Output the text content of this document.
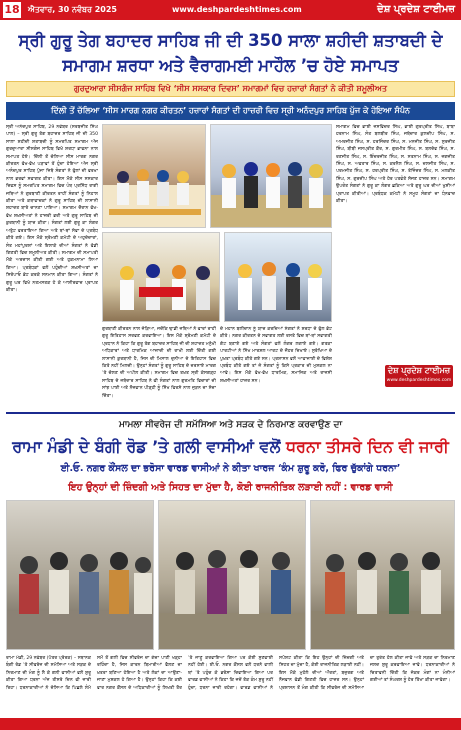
18 ਐਤਵਾਰ, 30 ਨਵੰਬਰ 2025	www.deshpardeshtimes.com	ਦੇਸ਼ ਪ੍ਰਦੇਸ਼ ਟਾਈਮਜ਼
ਸ੍ਰੀ ਗੁਰੂ ਤੇਗ ਬਹਾਦਰ ਸਾਹਿਬ ਜੀ ਦੀ 350 ਸਾਲਾ ਸ਼ਹੀਦੀ ਸ਼ਤਾਬਦੀ ਦੇ ਸਮਾਗਮ ਸ਼ਰਧਾ ਅਤੇ ਵੈਰਾਗਮਈ ਮਾਹੌਲ ’ਚ ਹੋਏ ਸਮਾਪਤ
ਗੁਰਦੁਆਰਾ ਸੀਸਗੰਜ ਸਾਹਿਬ ਵਿਖੇ ‘ਸੀਸ ਸਸਕਾਰ ਦਿਵਸ’ ਸਮਾਗਮਾਂ ਵਿਚ ਹਜ਼ਾਰਾਂ ਸੰਗਤਾਂ ਨੇ ਕੀਤੀ ਸ਼ਮੂਲੀਅਤ
ਦਿੱਲੀ ਤੋਂ ਚੱਲਿਆ ‘ਸੀਸ ਮਾਰਗ ਨਗਰ ਕੀਰਤਨ’ ਹਜ਼ਾਰਾਂ ਸੰਗਤਾਂ ਦੀ ਹਾਜ਼ਰੀ ਵਿਚ ਸ੍ਰੀ ਅਨੰਦਪੁਰ ਸਾਹਿਬ ਪੁੱਜ ਕੇ ਹੋਇਆ ਸੰਪੰਨ
ਸ੍ਰੀ ਅਨੰਦਪੁਰ ਸਾਹਿਬ, 29 ਨਵੰਬਰ (ਸਰਬਜੀਤ ਸਿੰਘ ਪਾਲ) – ਸ੍ਰੀ ਗੁਰੂ ਤੇਗ ਬਹਾਦਰ ਸਾਹਿਬ ਜੀ ਦੀ 350 ਸਾਲਾ ਸ਼ਹੀਦੀ ਸ਼ਤਾਬਦੀ ਨੂੰ ਸਮਰਪਿਤ ਸਮਾਗਮ ਅੱਜ ਗੁਰਦੁਆਰਾ ਸੀਸਗੰਜ ਸਾਹਿਬ ਵਿਖੇ ਸ਼ਰਧਾ ਭਾਵਨਾ ਨਾਲ ਸਮਾਪਤ ਹੋਏ। ਦਿੱਲੀ ਤੋਂ ਚੱਲਿਆ ਸੀਸ ਮਾਰਗ ਨਗਰ ਕੀਰਤਨ ਵੱਖ-ਵੱਖ ਪੜਾਵਾਂ ਤੋਂ ਹੁੰਦਾ ਹੋਇਆ ਅੱਜ ਸ੍ਰੀ ਅਨੰਦਪੁਰ ਸਾਹਿਬ ਪੁੱਜਾ ਜਿਥੇ ਸੰਗਤਾਂ ਨੇ ਫੁੱਲਾਂ ਦੀ ਵਰਖਾ ਨਾਲ ਭਰਵਾਂ ਸਵਾਗਤ ਕੀਤਾ। ਇਸ ਮੌਕੇ ਸੀਸ ਸਸਕਾਰ ਦਿਵਸ ਨੂੰ ਸਮਰਪਿਤ ਸਮਾਗਮ ਵਿਚ ਪੰਥ ਪ੍ਰਸਿੱਧ ਰਾਗੀ ਜਥਿਆਂ ਨੇ ਗੁਰਬਾਣੀ ਕੀਰਤਨ ਰਾਹੀਂ ਸੰਗਤਾਂ ਨੂੰ ਨਿਹਾਲ ਕੀਤਾ ਅਤੇ ਕਥਾਵਾਚਕਾਂ ਨੇ ਗੁਰੂ ਸਾਹਿਬ ਦੀ ਲਾਸਾਨੀ ਸ਼ਹਾਦਤ ਬਾਰੇ ਚਾਨਣਾ ਪਾਇਆ। ਸਮਾਗਮ ਦੌਰਾਨ ਵੱਖ-ਵੱਖ ਸ਼ਖ਼ਸੀਅਤਾਂ ਨੇ ਹਾਜ਼ਰੀ ਭਰੀ ਅਤੇ ਗੁਰੂ ਸਾਹਿਬ ਦੀ ਕੁਰਬਾਨੀ ਨੂੰ ਯਾਦ ਕੀਤਾ। ਸੰਗਤਾਂ ਲਈ ਗੁਰੂ ਕਾ ਲੰਗਰ ਅਤੁੱਟ ਵਰਤਾਇਆ ਗਿਆ ਅਤੇ ਥਾਂ-ਥਾਂ ਸੇਵਾ ਦੇ ਪ੍ਰਬੰਧ ਕੀਤੇ ਗਏ। ਇਸ ਮੌਕੇ ਸ਼੍ਰੋਮਣੀ ਕਮੇਟੀ ਦੇ ਅਹੁਦੇਦਾਰਾਂ, ਸੰਤ ਮਹਾਂਪੁਰਸ਼ਾਂ ਅਤੇ ਇਲਾਕੇ ਦੀਆਂ ਸੰਗਤਾਂ ਨੇ ਵੱਡੀ ਗਿਣਤੀ ਵਿਚ ਸ਼ਮੂਲੀਅਤ ਕੀਤੀ। ਸਮਾਗਮ ਦੀ ਸਮਾਪਤੀ ਮੌਕੇ ਅਰਦਾਸ ਕੀਤੀ ਗਈ ਅਤੇ ਹੁਕਮਨਾਮਾ ਲਿਆ ਗਿਆ। ਪ੍ਰਬੰਧਕਾਂ ਵਲੋਂ ਪਹੁੰਚੀਆਂ ਸ਼ਖ਼ਸੀਅਤਾਂ ਦਾ ਸਿਰੋਪਾਓ ਭੇਟ ਕਰਕੇ ਸਨਮਾਨ ਕੀਤਾ ਗਿਆ। ਸੰਗਤਾਂ ਨੇ ਗੁਰੂ ਘਰ ਵਿਖੇ ਨਤਮਸਤਕ ਹੋ ਕੇ ਆਸ਼ੀਰਵਾਦ ਪ੍ਰਾਪਤ ਕੀਤਾ।
ਸਮਾਗਮ ਵਿਚ ਭਾਈ ਜਸਵਿੰਦਰ ਸਿੰਘ, ਭਾਈ ਗੁਰਪ੍ਰੀਤ ਸਿੰਘ, ਬਾਬਾ ਹਰਨਾਮ ਸਿੰਘ, ਸੰਤ ਬਲਬੀਰ ਸਿੰਘ, ਜਥੇਦਾਰ ਕੁਲਦੀਪ ਸਿੰਘ, ਸ. ਅਮਰਜੀਤ ਸਿੰਘ, ਸ. ਹਰਜਿੰਦਰ ਸਿੰਘ, ਸ. ਮਨਜੀਤ ਸਿੰਘ, ਸ. ਸੁਰਜੀਤ ਸਿੰਘ, ਬੀਬੀ ਜਸਪ੍ਰੀਤ ਕੌਰ, ਸ. ਗੁਰਮੀਤ ਸਿੰਘ, ਸ. ਬਲਦੇਵ ਸਿੰਘ, ਸ. ਰਣਜੀਤ ਸਿੰਘ, ਸ. ਇੰਦਰਜੀਤ ਸਿੰਘ, ਸ. ਸਤਨਾਮ ਸਿੰਘ, ਸ. ਜਗਜੀਤ ਸਿੰਘ, ਸ. ਅਵਤਾਰ ਸਿੰਘ, ਸ. ਕਰਨੈਲ ਸਿੰਘ, ਸ. ਦਲਜੀਤ ਸਿੰਘ, ਸ. ਪਰਮਜੀਤ ਸਿੰਘ, ਸ. ਹਰਪ੍ਰੀਤ ਸਿੰਘ, ਸ. ਤੇਜਿੰਦਰ ਸਿੰਘ, ਸ. ਮਲਕੀਤ ਸਿੰਘ, ਸ. ਗੁਰਦੀਪ ਸਿੰਘ ਅਤੇ ਹੋਰ ਪਤਵੰਤੇ ਸੱਜਣ ਹਾਜ਼ਰ ਸਨ। ਸਮਾਗਮ ਉਪਰੰਤ ਸੰਗਤਾਂ ਨੇ ਗੁਰੂ ਕਾ ਲੰਗਰ ਛਕਿਆ ਅਤੇ ਗੁਰੂ ਘਰ ਦੀਆਂ ਖੁਸ਼ੀਆਂ ਪ੍ਰਾਪਤ ਕੀਤੀਆਂ। ਪ੍ਰਬੰਧਕ ਕਮੇਟੀ ਨੇ ਸਮੂਹ ਸੰਗਤਾਂ ਦਾ ਧੰਨਵਾਦ ਕੀਤਾ।
ਗੁਰਬਾਣੀ ਕੀਰਤਨ ਨਾਲ ਜੋੜਿਆ, ਜਦੋਂਕਿ ਢਾਡੀ ਜਥਿਆਂ ਨੇ ਵਾਰਾਂ ਰਾਹੀਂ ਗੁਰੂ ਇਤਿਹਾਸ ਸਰਵਣ ਕਰਵਾਇਆ। ਇਸ ਮੌਕੇ ਸ਼੍ਰੋਮਣੀ ਕਮੇਟੀ ਦੇ ਪ੍ਰਧਾਨ ਨੇ ਕਿਹਾ ਕਿ ਗੁਰੂ ਤੇਗ ਬਹਾਦਰ ਸਾਹਿਬ ਜੀ ਦੀ ਸ਼ਹਾਦਤ ਮਨੁੱਖੀ ਅਧਿਕਾਰਾਂ ਅਤੇ ਧਾਰਮਿਕ ਆਜ਼ਾਦੀ ਦੀ ਰਾਖੀ ਲਈ ਦਿੱਤੀ ਗਈ ਲਾਸਾਨੀ ਕੁਰਬਾਨੀ ਹੈ, ਜਿਸ ਦੀ ਮਿਸਾਲ ਦੁਨੀਆ ਦੇ ਇਤਿਹਾਸ ਵਿਚ ਕਿਤੇ ਨਹੀਂ ਮਿਲਦੀ। ਉਨ੍ਹਾਂ ਸੰਗਤਾਂ ਨੂੰ ਗੁਰੂ ਸਾਹਿਬ ਦੇ ਦਰਸਾਏ ਮਾਰਗ ’ਤੇ ਚੱਲਣ ਦੀ ਅਪੀਲ ਕੀਤੀ। ਸਮਾਗਮ ਵਿਚ ਤਖ਼ਤ ਸ੍ਰੀ ਕੇਸਗੜ੍ਹ ਸਾਹਿਬ ਦੇ ਜਥੇਦਾਰ ਸਾਹਿਬ ਨੇ ਵੀ ਸੰਗਤਾਂ ਨਾਲ ਗੁਰਮਤਿ ਵਿਚਾਰਾਂ ਦੀ ਸਾਂਝ ਪਾਈ ਅਤੇ ਨੌਜਵਾਨ ਪੀੜ੍ਹੀ ਨੂੰ ਸਿੱਖ ਵਿਰਸੇ ਨਾਲ ਜੁੜਨ ਦਾ ਸੱਦਾ ਦਿੱਤਾ।
ਦੇ ਮਹਾਨ ਬਲੀਦਾਨ ਨੂੰ ਯਾਦ ਕਰਦਿਆਂ ਸੰਗਤਾਂ ਨੇ ਸ਼ਰਧਾ ਦੇ ਫੁੱਲ ਭੇਟ ਕੀਤੇ। ਨਗਰ ਕੀਰਤਨ ਦੇ ਸਵਾਗਤ ਲਈ ਰਸਤੇ ਵਿਚ ਥਾਂ-ਥਾਂ ਸਵਾਗਤੀ ਗੇਟ ਬਣਾਏ ਗਏ ਅਤੇ ਸੰਗਤਾਂ ਵਲੋਂ ਲੰਗਰ ਲਗਾਏ ਗਏ। ਗਤਕਾ ਪਾਰਟੀਆਂ ਨੇ ਸਿੱਖ ਮਾਰਸ਼ਲ ਆਰਟ ਦੇ ਜੌਹਰ ਦਿਖਾਏ। ਸੁਰੱਖਿਆ ਦੇ ਪੁਖ਼ਤਾ ਪ੍ਰਬੰਧ ਕੀਤੇ ਗਏ ਸਨ। ਪ੍ਰਸ਼ਾਸਨ ਵਲੋਂ ਆਵਾਜਾਈ ਦੇ ਵਿਸ਼ੇਸ਼ ਪ੍ਰਬੰਧ ਕੀਤੇ ਗਏ ਤਾਂ ਜੋ ਸੰਗਤਾਂ ਨੂੰ ਕਿਸੇ ਪ੍ਰਕਾਰ ਦੀ ਮੁਸ਼ਕਲ ਨਾ ਆਵੇ। ਇਸ ਮੌਕੇ ਵੱਖ-ਵੱਖ ਧਾਰਮਿਕ, ਸਮਾਜਿਕ ਅਤੇ ਰਾਜਸੀ ਸ਼ਖ਼ਸੀਅਤਾਂ ਹਾਜ਼ਰ ਸਨ।
ਦੇਸ਼ ਪ੍ਰਦੇਸ਼ ਟਾਈਮਜ਼
www.deshpardeshtimes.com
ਮਾਮਲਾ ਸੀਵਰੇਜ ਦੀ ਸਮੱਸਿਆ ਅਤੇ ਸੜਕ ਦੇ ਨਿਰਮਾਣ ਕਰਵਾਉਣ ਦਾ
ਰਾਮਾ ਮੰਡੀ ਦੇ ਬੰਗੀ ਰੋਡ ’ਤੇ ਗਲੀ ਵਾਸੀਆਂ ਵਲੋਂ ਧਰਨਾ ਤੀਸਰੇ ਦਿਨ ਵੀ ਜਾਰੀ
ਈ.ਓ. ਨਗਰ ਕੌਂਸਲ ਦਾ ਭਰੋਸਾ ਵਾਰਡ ਵਾਸੀਆਂ ਨੇ ਕੀਤਾ ਖਾਰਜ ‘ਕੰਮ ਸ਼ੁਰੂ ਕਰੋ, ਫਿਰ ਚੁੱਕਾਂਗੇ ਧਰਨਾ’
ਇਹ ਉਨ੍ਹਾਂ ਦੀ ਜ਼ਿੰਦਗੀ ਅਤੇ ਸਿਹਤ ਦਾ ਮੁੱਦਾ ਹੈ, ਕੋਈ ਰਾਜਨੀਤਿਕ ਲੜਾਈ ਨਹੀਂ : ਵਾਰਡ ਵਾਸੀ
ਰਾਮਾ ਮੰਡੀ, 29 ਨਵੰਬਰ (ਪੱਤਰ ਪ੍ਰੇਰਕ) – ਸਥਾਨਕ ਬੰਗੀ ਰੋਡ ’ਤੇ ਸੀਵਰੇਜ ਦੀ ਸਮੱਸਿਆ ਅਤੇ ਸੜਕ ਦੇ ਨਿਰਮਾਣ ਦੀ ਮੰਗ ਨੂੰ ਲੈ ਕੇ ਗਲੀ ਵਾਸੀਆਂ ਵਲੋਂ ਸ਼ੁਰੂ ਕੀਤਾ ਗਿਆ ਧਰਨਾ ਅੱਜ ਤੀਸਰੇ ਦਿਨ ਵੀ ਜਾਰੀ ਰਿਹਾ। ਧਰਨਾਕਾਰੀਆਂ ਨੇ ਦੱਸਿਆ ਕਿ ਪਿਛਲੇ ਲੰਮੇ ਸਮੇਂ ਤੋਂ ਗਲੀ ਵਿਚ ਸੀਵਰੇਜ ਦਾ ਗੰਦਾ ਪਾਣੀ ਖੜ੍ਹਾ ਰਹਿੰਦਾ ਹੈ, ਜਿਸ ਕਾਰਨ ਬਿਮਾਰੀਆਂ ਫੈਲਣ ਦਾ ਖ਼ਤਰਾ ਬਣਿਆ ਹੋਇਆ ਹੈ ਅਤੇ ਲੋਕਾਂ ਦਾ ਆਉਣਾ-ਜਾਣਾ ਮੁਸ਼ਕਲ ਹੋ ਗਿਆ ਹੈ। ਉਨ੍ਹਾਂ ਕਿਹਾ ਕਿ ਕਈ ਵਾਰ ਨਗਰ ਕੌਂਸਲ ਦੇ ਅਧਿਕਾਰੀਆਂ ਨੂੰ ਲਿਖਤੀ ਤੌਰ ’ਤੇ ਜਾਣੂ ਕਰਵਾਇਆ ਗਿਆ ਪਰ ਕੋਈ ਸੁਣਵਾਈ ਨਹੀਂ ਹੋਈ। ਈ.ਓ. ਨਗਰ ਕੌਂਸਲ ਵਲੋਂ ਧਰਨੇ ਵਾਲੀ ਥਾਂ ’ਤੇ ਪਹੁੰਚ ਕੇ ਭਰੋਸਾ ਦਿਵਾਇਆ ਗਿਆ ਪਰ ਵਾਰਡ ਵਾਸੀਆਂ ਨੇ ਕਿਹਾ ਕਿ ਜਦੋਂ ਤੱਕ ਕੰਮ ਸ਼ੁਰੂ ਨਹੀਂ ਹੁੰਦਾ, ਧਰਨਾ ਜਾਰੀ ਰਹੇਗਾ। ਵਾਰਡ ਵਾਸੀਆਂ ਨੇ ਸਪੱਸ਼ਟ ਕੀਤਾ ਕਿ ਇਹ ਉਨ੍ਹਾਂ ਦੀ ਜ਼ਿੰਦਗੀ ਅਤੇ ਸਿਹਤ ਦਾ ਮੁੱਦਾ ਹੈ, ਕੋਈ ਰਾਜਨੀਤਿਕ ਲੜਾਈ ਨਹੀਂ। ਇਸ ਮੌਕੇ ਮੁਹੱਲੇ ਦੀਆਂ ਔਰਤਾਂ, ਬਜ਼ੁਰਗ ਅਤੇ ਨੌਜਵਾਨ ਵੱਡੀ ਗਿਣਤੀ ਵਿਚ ਹਾਜ਼ਰ ਸਨ। ਉਨ੍ਹਾਂ ਪ੍ਰਸ਼ਾਸਨ ਤੋਂ ਮੰਗ ਕੀਤੀ ਕਿ ਸੀਵਰੇਜ ਦੀ ਸਮੱਸਿਆ ਦਾ ਤੁਰੰਤ ਹੱਲ ਕੀਤਾ ਜਾਵੇ ਅਤੇ ਸੜਕ ਦਾ ਨਿਰਮਾਣ ਜਲਦ ਸ਼ੁਰੂ ਕਰਵਾਇਆ ਜਾਵੇ। ਧਰਨਾਕਾਰੀਆਂ ਨੇ ਚਿਤਾਵਨੀ ਦਿੱਤੀ ਕਿ ਜੇਕਰ ਮੰਗਾਂ ਨਾ ਮੰਨੀਆਂ ਗਈਆਂ ਤਾਂ ਸੰਘਰਸ਼ ਨੂੰ ਹੋਰ ਤਿੱਖਾ ਕੀਤਾ ਜਾਵੇਗਾ।
